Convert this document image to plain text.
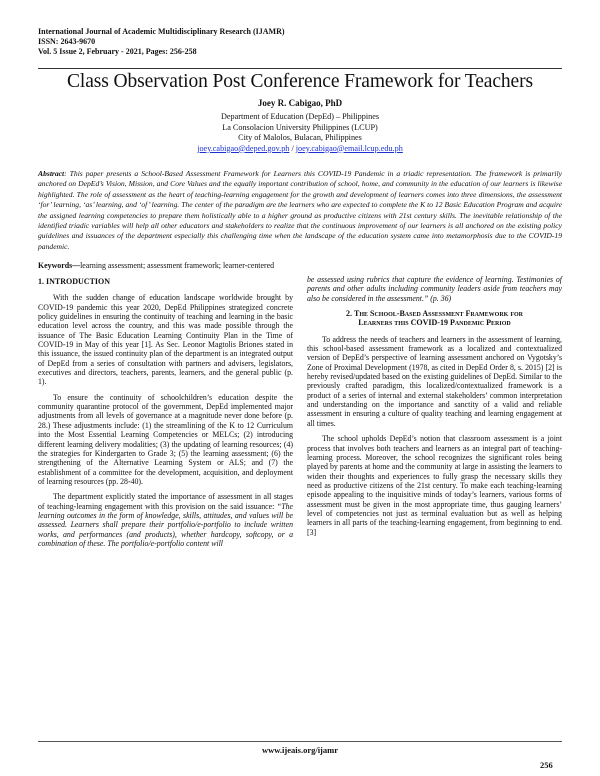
International Journal of Academic Multidisciplinary Research (IJAMR)
ISSN: 2643-9670
Vol. 5 Issue 2, February - 2021, Pages: 256-258
Class Observation Post Conference Framework for Teachers
Joey R. Cabigao, PhD
Department of Education (DepEd) – Philippines
La Consolacion University Philippines (LCUP)
City of Malolos, Bulacan, Philippines
joey.cabigao@deped.gov.ph / joey.cabigao@email.lcup.edu.ph
Abstract: This paper presents a School-Based Assessment Framework for Learners this COVID-19 Pandemic in a triadic representation. The framework is primarily anchored on DepEd’s Vision, Mission, and Core Values and the equally important contribution of school, home, and community in the education of our learners is likewise highlighted. The role of assessment as the heart of teaching-learning engagement for the growth and development of learners comes into three dimensions, the assessment ‘for’ learning, ‘as’ learning, and ‘of’ learning. The center of the paradigm are the learners who are expected to complete the K to 12 Basic Education Program and acquire the assigned learning competencies to prepare them holistically able to a higher ground as productive citizens with 21st century skills. The inevitable relationship of the identified triadic variables will help all other educators and stakeholders to realize that the continuous improvement of our learners is all anchored on the existing policy guidelines and issuances of the department especially this challenging time when the landscape of the education system came into metamorphosis due to the COVID-19 pandemic.
Keywords—learning assessment; assessment framework; learner-centered
1. INTRODUCTION

With the sudden change of education landscape worldwide brought by COVID-19 pandemic this year 2020, DepEd Philippines strategized concrete policy guidelines in ensuring the continuity of teaching and learning in the basic education level across the country, and this was made possible through the issuance of The Basic Education Learning Continuity Plan in the Time of COVID-19 in May of this year [1]. As Sec. Leonor Magtolis Briones stated in this issuance, the issued continuity plan of the department is an integrated output of DepEd from a series of consultation with partners and advisers, legislators, executives and directors, teachers, parents, learners, and the general public (p. 1).

To ensure the continuity of schoolchildren’s education despite the community quarantine protocol of the government, DepEd implemented major adjustments from all levels of governance at a magnitude never done before (p. 28.) These adjustments include: (1) the streamlining of the K to 12 Curriculum into the Most Essential Learning Competencies or MELCs; (2) introducing different learning delivery modalities; (3) the updating of learning resources; (4) the strategies for Kindergarten to Grade 3; (5) the learning assessment; (6) the strengthening of the Alternative Learning System or ALS; and (7) the establishment of a committee for the development, acquisition, and deployment of learning resources (pp. 28-40).

The department explicitly stated the importance of assessment in all stages of teaching-learning engagement with this provision on the said issuance: “The learning outcomes in the form of knowledge, skills, attitudes, and values will be assessed. Learners shall prepare their portfolio/e-portfolio to include written works, and performances (and products), whether hardcopy, softcopy, or a combination of these. The portfolio/e-portfolio content will

be assessed using rubrics that capture the evidence of learning. Testimonies of parents and other adults including community leaders aside from teachers may also be considered in the assessment.” (p. 36)

2. The School-Based Assessment Framework for
Learners this COVID-19 Pandemic Period

To address the needs of teachers and learners in the assessment of learning, this school-based assessment framework as a localized and contextualized version of DepEd’s perspective of learning assessment anchored on Vygotsky’s Zone of Proximal Development (1978, as cited in DepEd Order 8, s. 2015) [2] is hereby revised/updated based on the existing guidelines of DepEd. Similar to the previously crafted paradigm, this localized/contextualized framework is a product of a series of internal and external stakeholders’ common interpretation and understanding on the importance and sanctity of a valid and reliable assessment in ensuring a culture of quality teaching and learning engagement at all times.

The school upholds DepEd’s notion that classroom assessment is a joint process that involves both teachers and learners as an integral part of teaching-learning process. Moreover, the school recognizes the significant roles being played by parents at home and the community at large in assisting the learners to widen their thoughts and experiences to fully grasp the necessary skills they need as productive citizens of the 21st century. To make each teaching-learning episode appealing to the inquisitive minds of today’s learners, various forms of assessment must be given in the most appropriate time, thus gauging learners’ level of competencies not just as terminal evaluation but as well as helping learners in all parts of the teaching-learning engagement, from beginning to end. [3]

www.ijeais.org/ijamr
256
